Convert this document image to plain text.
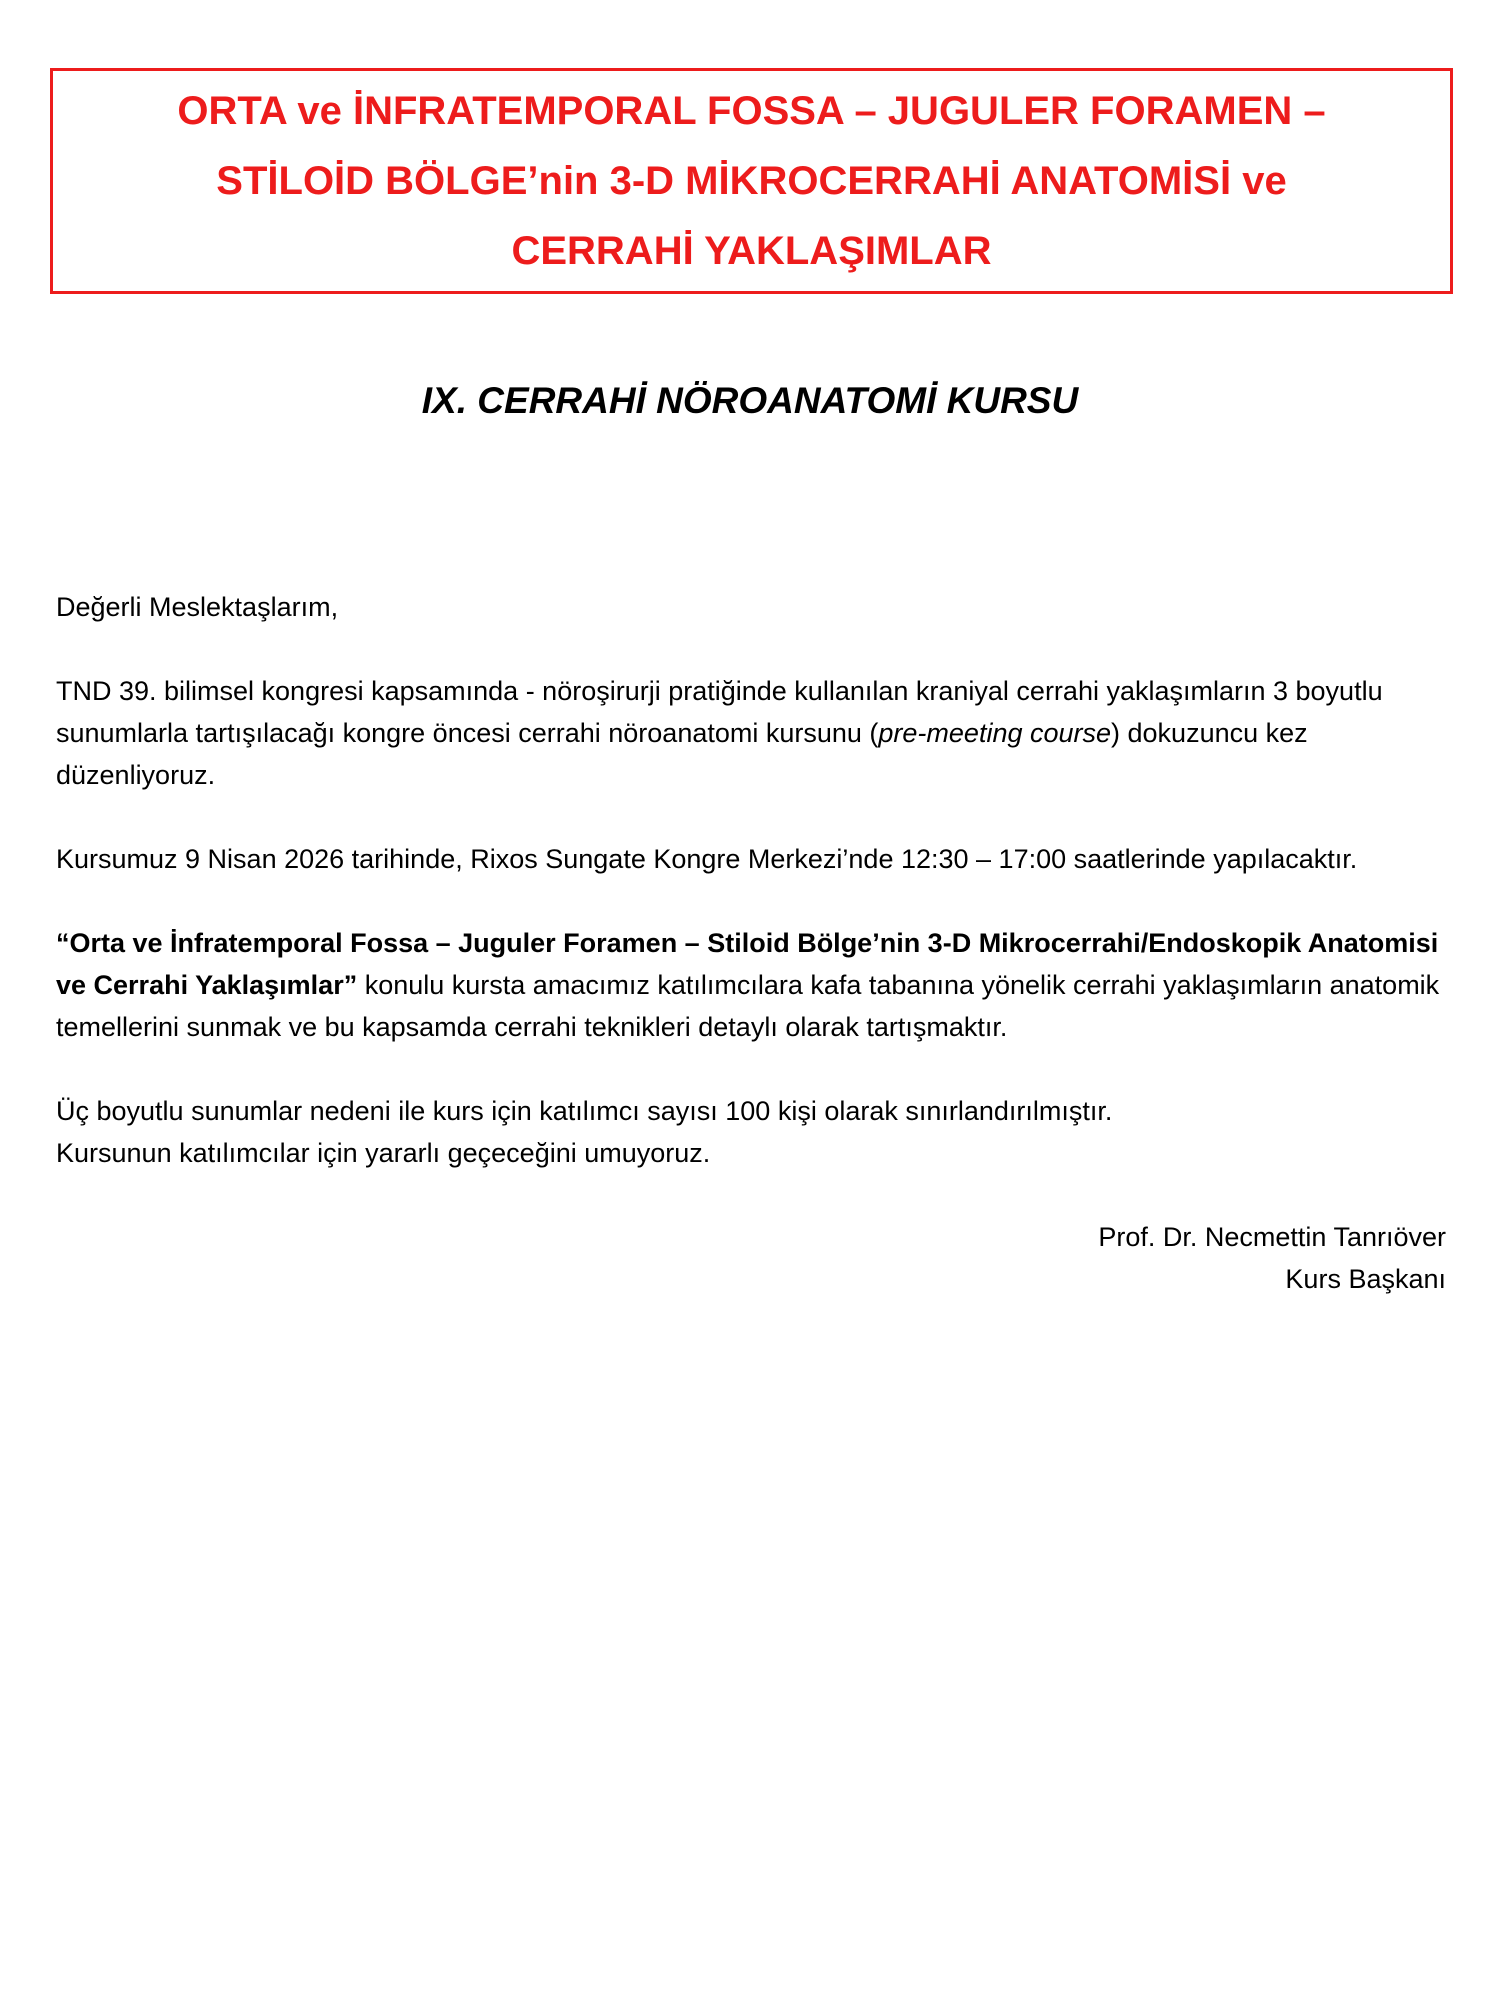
ORTA ve İNFRATEMPORAL FOSSA – JUGULER FORAMEN –
STİLOİD BÖLGE’nin 3-D MİKROCERRAHİ ANATOMİSİ ve
CERRAHİ YAKLAŞIMLAR
IX. CERRAHİ NÖROANATOMİ KURSU

Değerli Meslektaşlarım,

TND 39. bilimsel kongresi kapsamında - nöroşirurji pratiğinde kullanılan kraniyal cerrahi yaklaşımların 3 boyutlu sunumlarla tartışılacağı kongre öncesi cerrahi nöroanatomi kursunu (pre-meeting course) dokuzuncu kez düzenliyoruz.

Kursumuz 9 Nisan 2026 tarihinde, Rixos Sungate Kongre Merkezi’nde 12:30 – 17:00 saatlerinde yapılacaktır.

“Orta ve İnfratemporal Fossa – Juguler Foramen – Stiloid Bölge’nin 3-D Mikrocerrahi/Endoskopik Anatomisi ve Cerrahi Yaklaşımlar” konulu kursta amacımız katılımcılara kafa tabanına yönelik cerrahi yaklaşımların anatomik temellerini sunmak ve bu kapsamda cerrahi teknikleri detaylı olarak tartışmaktır.

Üç boyutlu sunumlar nedeni ile kurs için katılımcı sayısı 100 kişi olarak sınırlandırılmıştır.
Kursunun katılımcılar için yararlı geçeceğini umuyoruz.

Prof. Dr. Necmettin Tanrıöver
Kurs Başkanı
